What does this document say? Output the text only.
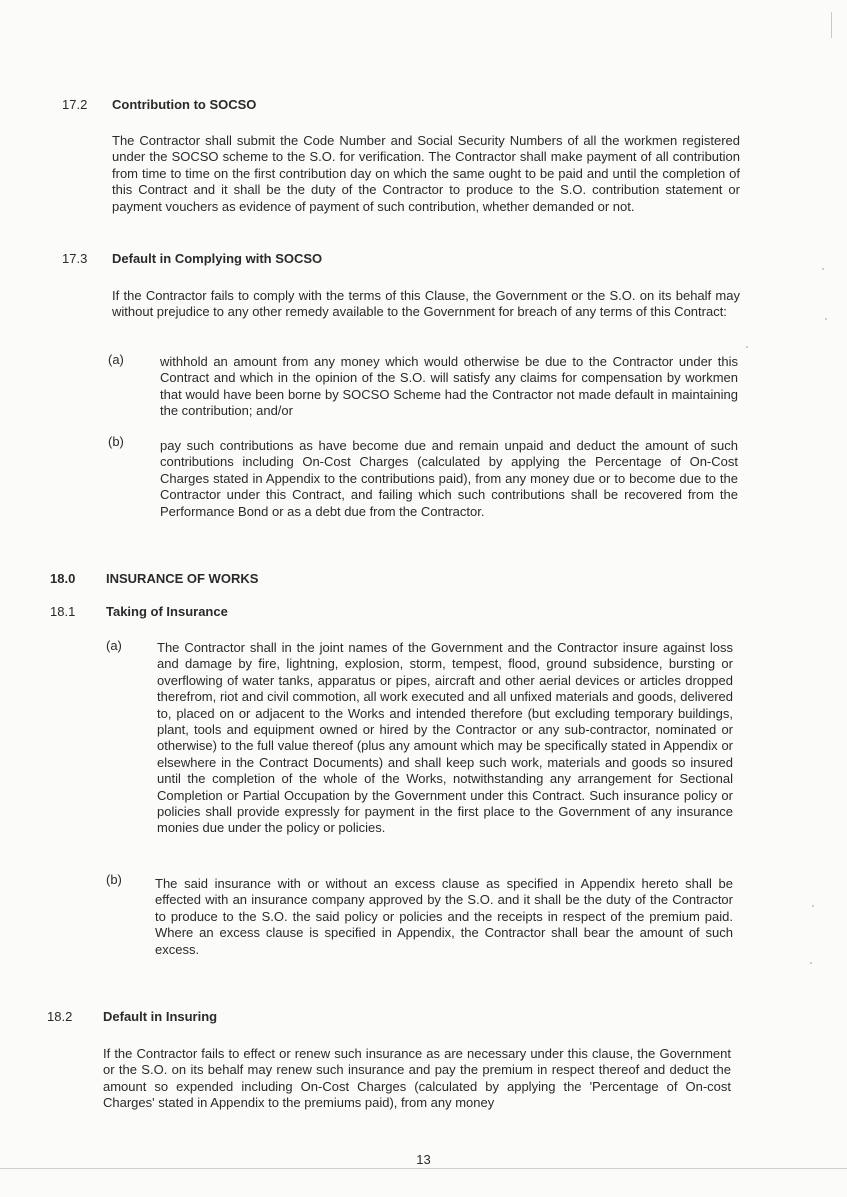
17.2 Contribution to SOCSO
The Contractor shall submit the Code Number and Social Security Numbers of all the workmen registered under the SOCSO scheme to the S.O. for verification. The Contractor shall make payment of all contribution from time to time on the first contribution day on which the same ought to be paid and until the completion of this Contract and it shall be the duty of the Contractor to produce to the S.O. contribution statement or payment vouchers as evidence of payment of such contribution, whether demanded or not.
17.3 Default in Complying with SOCSO
If the Contractor fails to comply with the terms of this Clause, the Government or the S.O. on its behalf may without prejudice to any other remedy available to the Government for breach of any terms of this Contract:
(a)	withhold an amount from any money which would otherwise be due to the Contractor under this Contract and which in the opinion of the S.O. will satisfy any claims for compensation by workmen that would have been borne by SOCSO Scheme had the Contractor not made default in maintaining the contribution; and/or
(b)	pay such contributions as have become due and remain unpaid and deduct the amount of such contributions including On-Cost Charges (calculated by applying the Percentage of On-Cost Charges stated in Appendix to the contributions paid), from any money due or to become due to the Contractor under this Contract, and failing which such contributions shall be recovered from the Performance Bond or as a debt due from the Contractor.
18.0 INSURANCE OF WORKS
18.1 Taking of Insurance
(a)	The Contractor shall in the joint names of the Government and the Contractor insure against loss and damage by fire, lightning, explosion, storm, tempest, flood, ground subsidence, bursting or overflowing of water tanks, apparatus or pipes, aircraft and other aerial devices or articles dropped therefrom, riot and civil commotion, all work executed and all unfixed materials and goods, delivered to, placed on or adjacent to the Works and intended therefore (but excluding temporary buildings, plant, tools and equipment owned or hired by the Contractor or any sub-contractor, nominated or otherwise) to the full value thereof (plus any amount which may be specifically stated in Appendix or elsewhere in the Contract Documents) and shall keep such work, materials and goods so insured until the completion of the whole of the Works, notwithstanding any arrangement for Sectional Completion or Partial Occupation by the Government under this Contract. Such insurance policy or policies shall provide expressly for payment in the first place to the Government of any insurance monies due under the policy or policies.
(b)	The said insurance with or without an excess clause as specified in Appendix hereto shall be effected with an insurance company approved by the S.O. and it shall be the duty of the Contractor to produce to the S.O. the said policy or policies and the receipts in respect of the premium paid. Where an excess clause is specified in Appendix, the Contractor shall bear the amount of such excess.
18.2 Default in Insuring
If the Contractor fails to effect or renew such insurance as are necessary under this clause, the Government or the S.O. on its behalf may renew such insurance and pay the premium in respect thereof and deduct the amount so expended including On-Cost Charges (calculated by applying the 'Percentage of On-cost Charges' stated in Appendix to the premiums paid), from any money
13
